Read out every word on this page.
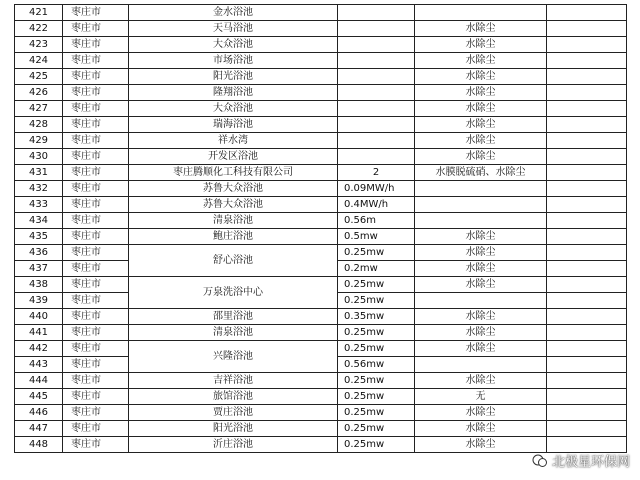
421	枣庄市	金水浴池			
422	枣庄市	天马浴池		水除尘	
423	枣庄市	大众浴池		水除尘	
424	枣庄市	市场浴池		水除尘	
425	枣庄市	阳光浴池		水除尘	
426	枣庄市	隆翔浴池		水除尘	
427	枣庄市	大众浴池		水除尘	
428	枣庄市	瑞海浴池		水除尘	
429	枣庄市	祥水湾		水除尘	
430	枣庄市	开发区浴池		水除尘	
431	枣庄市	枣庄腾顺化工科技有限公司	2	水膜脱硫硝、水除尘	
432	枣庄市	苏鲁大众浴池	0.09MW/h		
433	枣庄市	苏鲁大众浴池	0.4MW/h		
434	枣庄市	清泉浴池	0.56m		
435	枣庄市	鲍庄浴池	0.5mw	水除尘	
436	枣庄市	舒心浴池	0.25mw	水除尘	
437	枣庄市		0.2mw	水除尘	
438	枣庄市	万泉洗浴中心	0.25mw	水除尘	
439	枣庄市		0.25mw		
440	枣庄市	邵里浴池	0.35mw	水除尘	
441	枣庄市	清泉浴池	0.25mw	水除尘	
442	枣庄市	兴隆浴池	0.25mw	水除尘	
443	枣庄市		0.56mw		
444	枣庄市	吉祥浴池	0.25mw	水除尘	
445	枣庄市	旅馆浴池	0.25mw	无	
446	枣庄市	贾庄浴池	0.25mw	水除尘	
447	枣庄市	阳光浴池	0.25mw	水除尘	
448	枣庄市	沂庄浴池	0.25mw	水除尘	
北极星环保网
